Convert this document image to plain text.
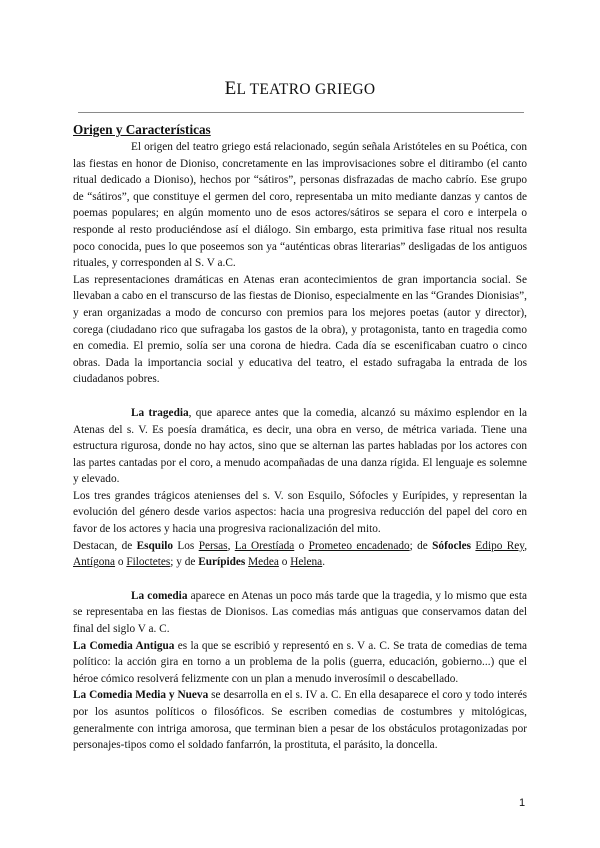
EL TEATRO GRIEGO
Origen y Características

El origen del teatro griego está relacionado, según señala Aristóteles en su Poética, con las fiestas en honor de Dioniso, concretamente en las improvisaciones sobre el ditirambo (el canto ritual dedicado a Dioniso), hechos por “sátiros”, personas disfrazadas de macho cabrío. Ese grupo de “sátiros”, que constituye el germen del coro, representaba un mito mediante danzas y cantos de poemas populares; en algún momento uno de esos actores/sátiros se separa el coro e interpela o responde al resto produciéndose así el diálogo. Sin embargo, esta primitiva fase ritual nos resulta poco conocida, pues lo que poseemos son ya “auténticas obras literarias” desligadas de los antiguos rituales, y corresponden al S. V a.C.

Las representaciones dramáticas en Atenas eran acontecimientos de gran importancia social. Se llevaban a cabo en el transcurso de las fiestas de Dioniso, especialmente en las “Grandes Dionisias”, y eran organizadas a modo de concurso con premios para los mejores poetas (autor y director), corega (ciudadano rico que sufragaba los gastos de la obra), y protagonista, tanto en tragedia como en comedia. El premio, solía ser una corona de hiedra. Cada día se escenificaban cuatro o cinco obras. Dada la importancia social y educativa del teatro, el estado sufragaba la entrada de los ciudadanos pobres.

La tragedia, que aparece antes que la comedia, alcanzó su máximo esplendor en la Atenas del s. V. Es poesía dramática, es decir, una obra en verso, de métrica variada. Tiene una estructura rigurosa, donde no hay actos, sino que se alternan las partes habladas por los actores con las partes cantadas por el coro, a menudo acompañadas de una danza rígida. El lenguaje es solemne y elevado.

Los tres grandes trágicos atenienses del s. V. son Esquilo, Sófocles y Eurípides, y representan la evolución del género desde varios aspectos: hacia una progresiva reducción del papel del coro en favor de los actores y hacia una progresiva racionalización del mito.

Destacan, de Esquilo Los Persas, La Orestíada o Prometeo encadenado; de Sófocles Edipo Rey, Antígona o Filoctetes; y de Eurípides Medea o Helena.

La comedia aparece en Atenas un poco más tarde que la tragedia, y lo mismo que esta se representaba en las fiestas de Dionisos. Las comedias más antiguas que conservamos datan del final del siglo V a. C.

La Comedia Antigua es la que se escribió y representó en s. V a. C. Se trata de comedias de tema político: la acción gira en torno a un problema de la polis (guerra, educación, gobierno...) que el héroe cómico resolverá felizmente con un plan a menudo inverosímil o descabellado.

La Comedia Media y Nueva se desarrolla en el s. IV a. C. En ella desaparece el coro y todo interés por los asuntos políticos o filosóficos. Se escriben comedias de costumbres y mitológicas, generalmente con intriga amorosa, que terminan bien a pesar de los obstáculos protagonizadas por personajes-tipos como el soldado fanfarrón, la prostituta, el parásito, la doncella.

1
